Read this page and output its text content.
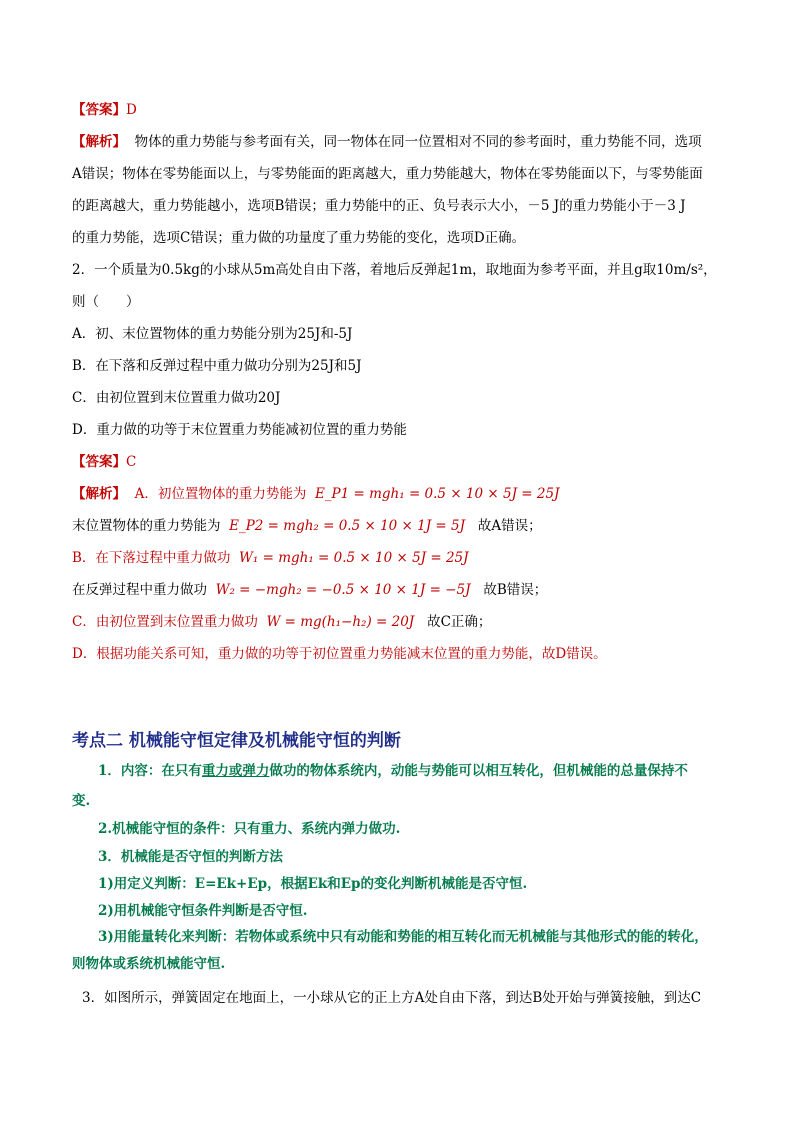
【答案】D
【解析】 物体的重力势能与参考面有关，同一物体在同一位置相对不同的参考面时，重力势能不同，选项
A错误；物体在零势能面以上，与零势能面的距离越大，重力势能越大，物体在零势能面以下，与零势能面
的距离越大，重力势能越小，选项B错误；重力势能中的正、负号表示大小，－5 J的重力势能小于－3 J
的重力势能，选项C错误；重力做的功量度了重力势能的变化，选项D正确。
2．一个质量为0.5kg的小球从5m高处自由下落，着地后反弹起1m，取地面为参考平面，并且g取10m/s²，
则（　　）
A．初、末位置物体的重力势能分别为25J和-5J
B．在下落和反弹过程中重力做功分别为25J和5J
C．由初位置到末位置重力做功20J
D．重力做的功等于末位置重力势能减初位置的重力势能
【答案】C
【解析】 A．初位置物体的重力势能为 E_P1 = mgh₁ = 0.5 × 10 × 5J = 25J
末位置物体的重力势能为 E_P2 = mgh₂ = 0.5 × 10 × 1J = 5J 故A错误；
B．在下落过程中重力做功 W₁ = mgh₁ = 0.5 × 10 × 5J = 25J
在反弹过程中重力做功 W₂ = −mgh₂ = −0.5 × 10 × 1J = −5J 故B错误；
C．由初位置到末位置重力做功 W = mg(h₁−h₂) = 20J 故C正确；
D．根据功能关系可知，重力做的功等于初位置重力势能减末位置的重力势能，故D错误。
考点二 机械能守恒定律及机械能守恒的判断
1．内容：在只有重力或弹力做功的物体系统内，动能与势能可以相互转化，但机械能的总量保持不
变.
2.机械能守恒的条件：只有重力、系统内弹力做功.
3．机械能是否守恒的判断方法
1)用定义判断：E=Ek+Ep，根据Ek和Ep的变化判断机械能是否守恒.
2)用机械能守恒条件判断是否守恒.
3)用能量转化来判断：若物体或系统中只有动能和势能的相互转化而无机械能与其他形式的能的转化，
则物体或系统机械能守恒.
3．如图所示，弹簧固定在地面上，一小球从它的正上方A处自由下落，到达B处开始与弹簧接触，到达C
